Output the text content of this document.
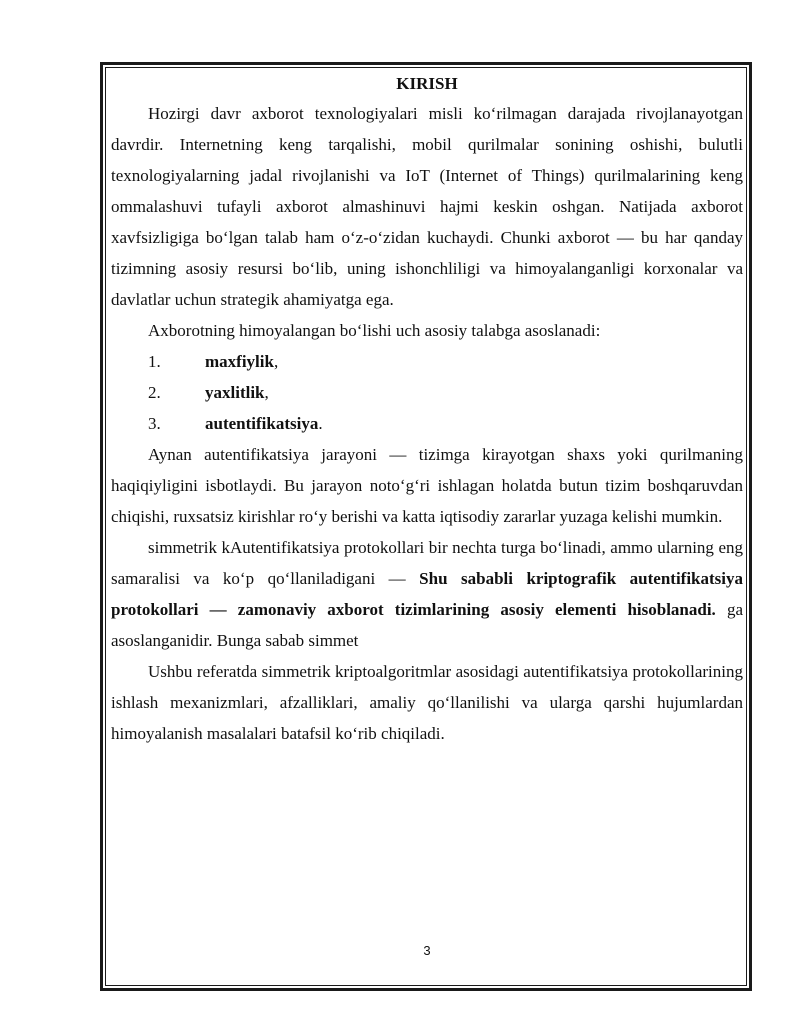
KIRISH

Hozirgi davr axborot texnologiyalari misli ko‘rilmagan darajada rivojlanayotgan davrdir. Internetning keng tarqalishi, mobil qurilmalar sonining oshishi, bulutli texnologiyalarning jadal rivojlanishi va IoT (Internet of Things) qurilmalarining keng ommalashuvi tufayli axborot almashinuvi hajmi keskin oshgan. Natijada axborot xavfsizligiga bo‘lgan talab ham o‘z-o‘zidan kuchaydi. Chunki axborot — bu har qanday tizimning asosiy resursi bo‘lib, uning ishonchliligi va himoyalanganligi korxonalar va davlatlar uchun strategik ahamiyatga ega.

Axborotning himoyalangan bo‘lishi uch asosiy talabga asoslanadi:

1.	maxfiylik,
2.	yaxlitlik,
3.	autentifikatsiya.

Aynan autentifikatsiya jarayoni — tizimga kirayotgan shaxs yoki qurilmaning haqiqiyligini isbotlaydi. Bu jarayon noto‘g‘ri ishlagan holatda butun tizim boshqaruvdan chiqishi, ruxsatsiz kirishlar ro‘y berishi va katta iqtisodiy zararlar yuzaga kelishi mumkin.

simmetrik kAutentifikatsiya protokollari bir nechta turga bo‘linadi, ammo ularning eng samaralisi va ko‘p qo‘llaniladigani — Shu sababli kriptografik autentifikatsiya protokollari — zamonaviy axborot tizimlarining asosiy elementi hisoblanadi. ga asoslanganidir. Bunga sabab simmet

Ushbu referatda simmetrik kriptoalgoritmlar asosidagi autentifikatsiya protokollarining ishlash mexanizmlari, afzalliklari, amaliy qo‘llanilishi va ularga qarshi hujumlardan himoyalanish masalalari batafsil ko‘rib chiqiladi.

3
